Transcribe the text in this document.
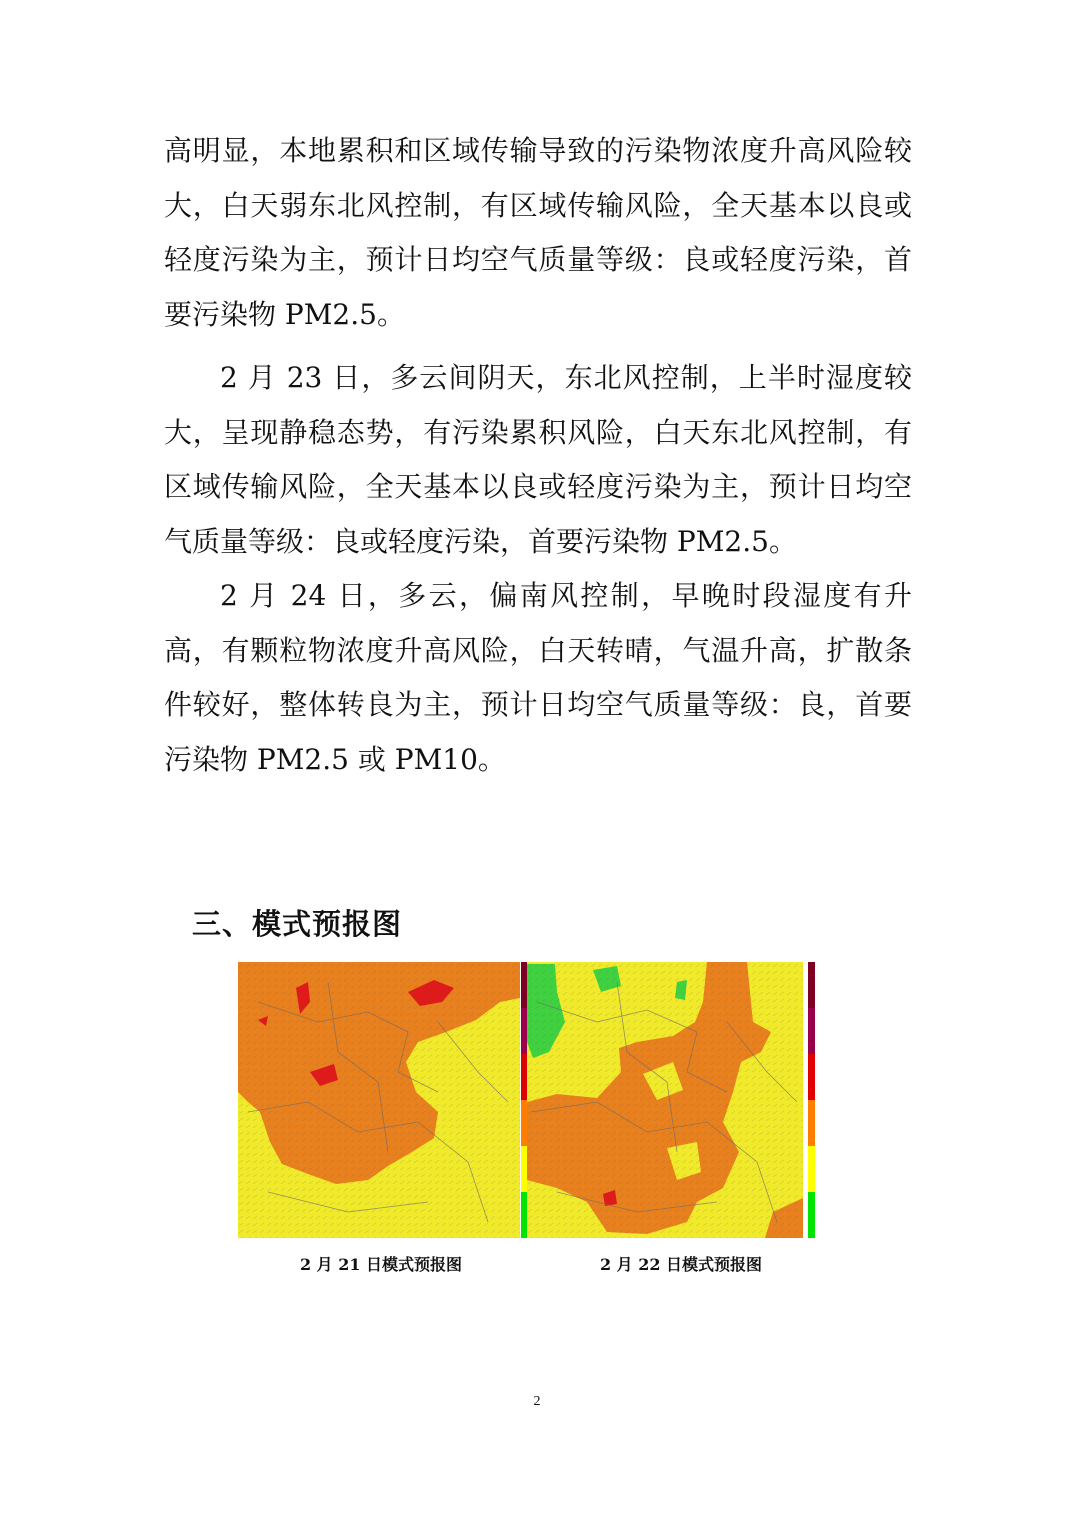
高明显，本地累积和区域传输导致的污染物浓度升高风险较大，白天弱东北风控制，有区域传输风险，全天基本以良或轻度污染为主，预计日均空气质量等级：良或轻度污染，首要污染物 PM2.5。

2 月 23 日，多云间阴天，东北风控制，上半时湿度较大，呈现静稳态势，有污染累积风险，白天东北风控制，有区域传输风险，全天基本以良或轻度污染为主，预计日均空气质量等级：良或轻度污染，首要污染物 PM2.5。

2 月 24 日，多云，偏南风控制，早晚时段湿度有升高，有颗粒物浓度升高风险，白天转晴，气温升高，扩散条件较好，整体转良为主，预计日均空气质量等级：良，首要污染物 PM2.5 或 PM10。

三、模式预报图
2 月 21 日模式预报图	2 月 22 日模式预报图
2
